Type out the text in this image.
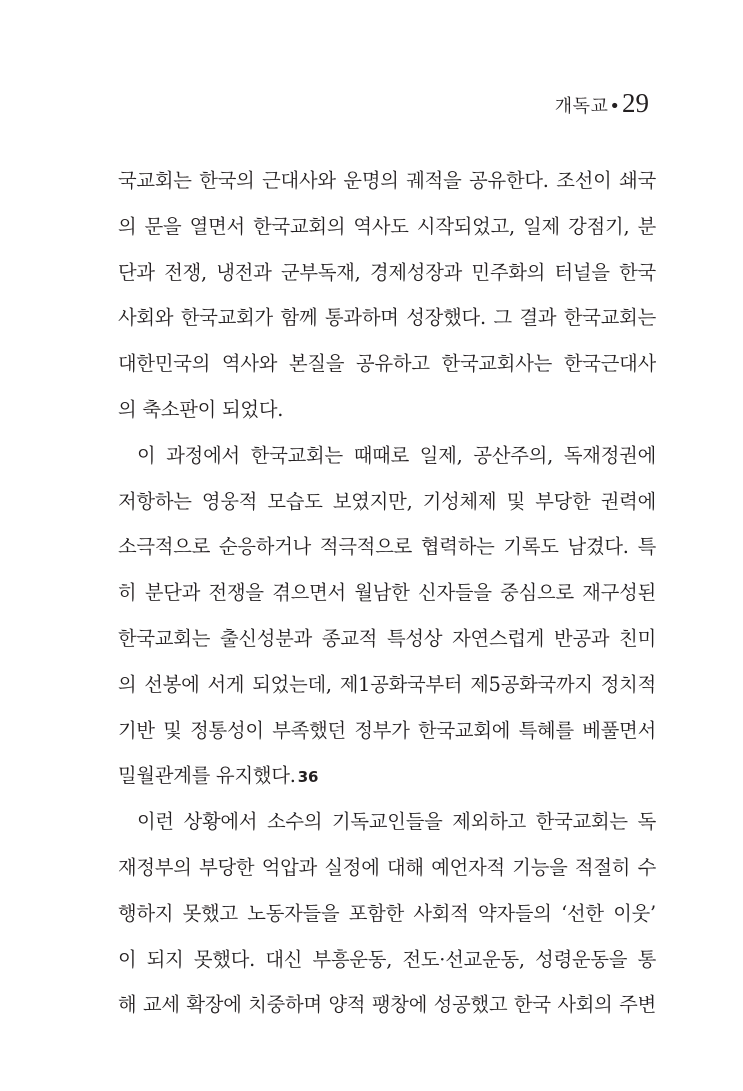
개독교 • 29
국교회는 한국의 근대사와 운명의 궤적을 공유한다. 조선이 쇄국
의 문을 열면서 한국교회의 역사도 시작되었고, 일제 강점기, 분
단과 전쟁, 냉전과 군부독재, 경제성장과 민주화의 터널을 한국
사회와 한국교회가 함께 통과하며 성장했다. 그 결과 한국교회는
대한민국의 역사와 본질을 공유하고 한국교회사는 한국근대사
의 축소판이 되었다.
이 과정에서 한국교회는 때때로 일제, 공산주의, 독재정권에
저항하는 영웅적 모습도 보였지만, 기성체제 및 부당한 권력에
소극적으로 순응하거나 적극적으로 협력하는 기록도 남겼다. 특
히 분단과 전쟁을 겪으면서 월남한 신자들을 중심으로 재구성된
한국교회는 출신성분과 종교적 특성상 자연스럽게 반공과 친미
의 선봉에 서게 되었는데, 제1공화국부터 제5공화국까지 정치적
기반 및 정통성이 부족했던 정부가 한국교회에 특혜를 베풀면서
밀월관계를 유지했다. 36
이런 상황에서 소수의 기독교인들을 제외하고 한국교회는 독
재정부의 부당한 억압과 실정에 대해 예언자적 기능을 적절히 수
행하지 못했고 노동자들을 포함한 사회적 약자들의 ‘선한 이웃’
이 되지 못했다. 대신 부흥운동, 전도·선교운동, 성령운동을 통
해 교세 확장에 치중하며 양적 팽창에 성공했고 한국 사회의 주변
